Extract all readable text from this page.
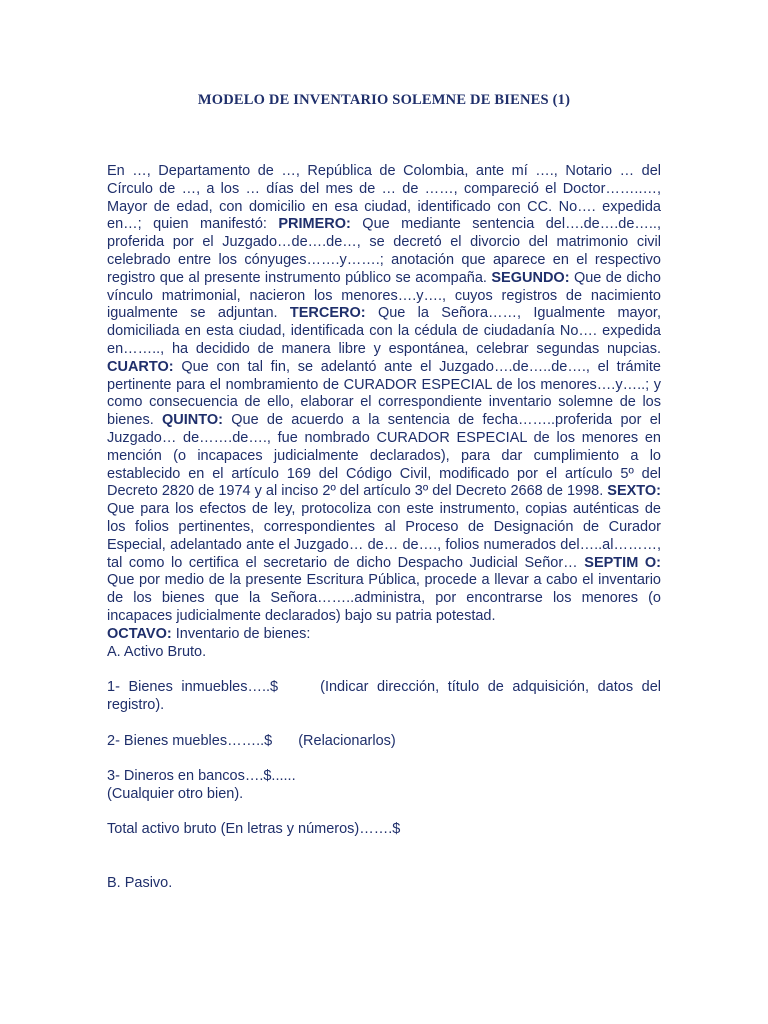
MODELO DE INVENTARIO SOLEMNE DE BIENES (1)

En …, Departamento de …, República de Colombia, ante mí …., Notario … del Círculo de …, a los … días del mes de … de ……, compareció el Doctor……..…, Mayor de edad, con domicilio en esa ciudad, identificado con CC. No…. expedida en…; quien manifestó: PRIMERO: Que mediante sentencia del….de….de….., proferida por el Juzgado…de….de…, se decretó el divorcio del matrimonio civil celebrado entre los cónyuges…….y…….; anotación que aparece en el respectivo registro que al presente instrumento público se acompaña. SEGUNDO: Que de dicho vínculo matrimonial, nacieron los menores….y…., cuyos registros de nacimiento igualmente se adjuntan. TERCERO: Que la Señora……, Igualmente mayor, domiciliada en esta ciudad, identificada con la cédula de ciudadanía No…. expedida en…….., ha decidido de manera libre y espontánea, celebrar segundas nupcias. CUARTO: Que con tal fin, se adelantó ante el Juzgado….de…..de…., el trámite pertinente para el nombramiento de CURADOR ESPECIAL de los menores….y…..; y como consecuencia de ello, elaborar el correspondiente inventario solemne de los bienes. QUINTO: Que de acuerdo a la sentencia de fecha……..proferida por el Juzgado… de…….de…., fue nombrado CURADOR ESPECIAL de los menores en mención (o incapaces judicialmente declarados), para dar cumplimiento a lo establecido en el artículo 169 del Código Civil, modificado por el artículo 5º del Decreto 2820 de 1974 y al inciso 2º del artículo 3º del Decreto 2668 de 1998. SEXTO: Que para los efectos de ley, protocoliza con este instrumento, copias auténticas de los folios pertinentes, correspondientes al Proceso de Designación de Curador Especial, adelantado ante el Juzgado… de… de…., folios numerados del…..al………, tal como lo certifica el secretario de dicho Despacho Judicial Señor… SEPTIM O: Que por medio de la presente Escritura Pública, procede a llevar a cabo el inventario de los bienes que la Señora……..administra, por encontrarse los menores (o incapaces judicialmente declarados) bajo su patria potestad.

OCTAVO: Inventario de bienes:

A. Activo Bruto.

1- Bienes inmuebles…..$	(Indicar dirección, título de adquisición, datos del registro).

2- Bienes muebles……..$ (Relacionarlos)

3- Dineros en bancos….$......

(Cualquier otro bien).

Total activo bruto (En letras y números)…….$

B. Pasivo.
